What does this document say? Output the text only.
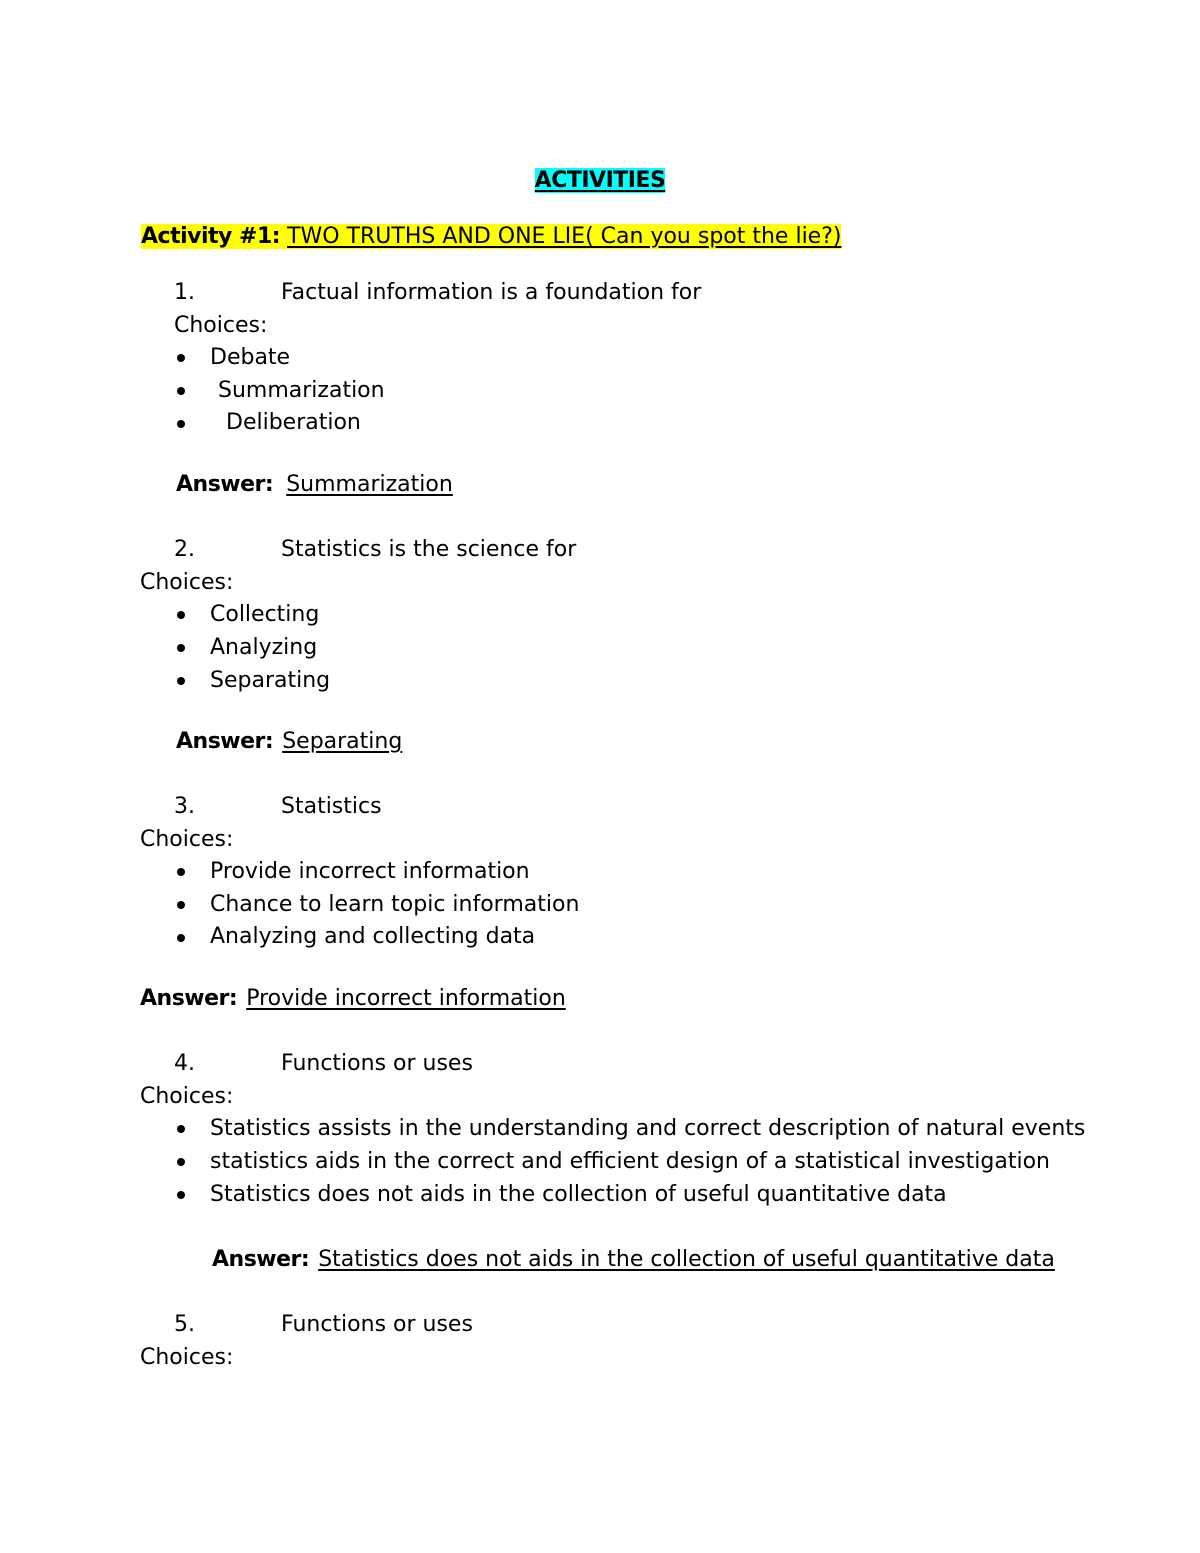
ACTIVITIES
Activity #1: TWO TRUTHS AND ONE LIE( Can you spot the lie?)
1.	Factual information is a foundation for
Choices:
Debate
Summarization
Deliberation
Answer: Summarization
2.	Statistics is the science for
Choices:
Collecting
Analyzing
Separating
Answer: Separating
3.	Statistics
Choices:
Provide incorrect information
Chance to learn topic information
Analyzing and collecting data
Answer: Provide incorrect information
4.	Functions or uses
Choices:
Statistics assists in the understanding and correct description of natural events
statistics aids in the correct and efficient design of a statistical investigation
Statistics does not aids in the collection of useful quantitative data
Answer: Statistics does not aids in the collection of useful quantitative data
5.	Functions or uses
Choices:
